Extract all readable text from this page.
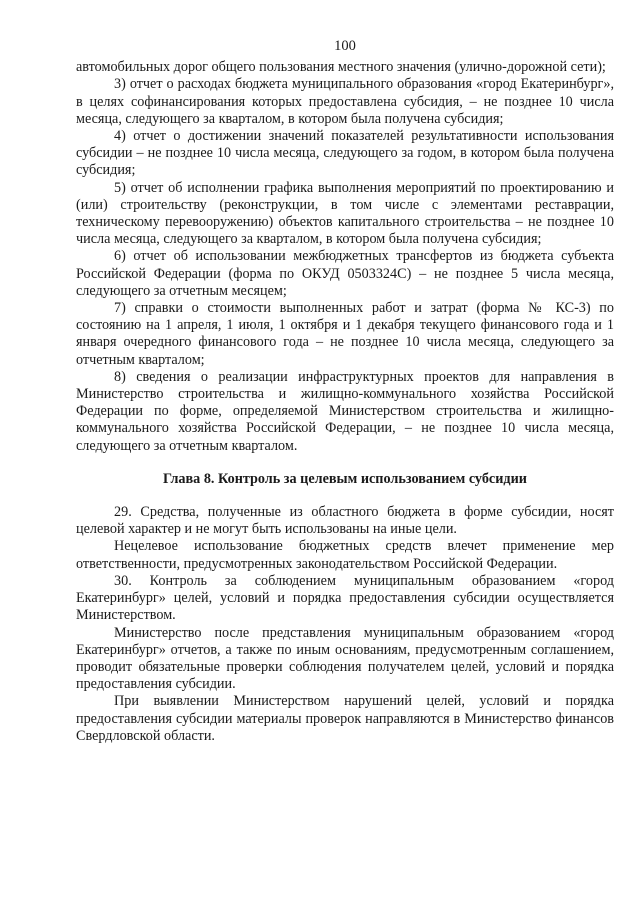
100

автомобильных дорог общего пользования местного значения (улично-дорожной сети);

3) отчет о расходах бюджета муниципального образования «город Екатеринбург», в целях софинансирования которых предоставлена субсидия, – не позднее 10 числа месяца, следующего за кварталом, в котором была получена субсидия;

4) отчет о достижении значений показателей результативности использования субсидии – не позднее 10 числа месяца, следующего за годом, в котором была получена субсидия;

5) отчет об исполнении графика выполнения мероприятий по проектированию и (или) строительству (реконструкции, в том числе с элементами реставрации, техническому перевооружению) объектов капитального строительства – не позднее 10 числа месяца, следующего за кварталом, в котором была получена субсидия;

6) отчет об использовании межбюджетных трансфертов из бюджета субъекта Российской Федерации (форма по ОКУД 0503324С) – не позднее 5 числа месяца, следующего за отчетным месяцем;

7) справки о стоимости выполненных работ и затрат (форма № КС-3) по состоянию на 1 апреля, 1 июля, 1 октября и 1 декабря текущего финансового года и 1 января очередного финансового года – не позднее 10 числа месяца, следующего за отчетным кварталом;

8) сведения о реализации инфраструктурных проектов для направления в Министерство строительства и жилищно-коммунального хозяйства Российской Федерации по форме, определяемой Министерством строительства и жилищно-коммунального хозяйства Российской Федерации, – не позднее 10 числа месяца, следующего за отчетным кварталом.

Глава 8. Контроль за целевым использованием субсидии

29. Средства, полученные из областного бюджета в форме субсидии, носят целевой характер и не могут быть использованы на иные цели.

Нецелевое использование бюджетных средств влечет применение мер ответственности, предусмотренных законодательством Российской Федерации.

30. Контроль за соблюдением муниципальным образованием «город Екатеринбург» целей, условий и порядка предоставления субсидии осуществляется Министерством.

Министерство после представления муниципальным образованием «город Екатеринбург» отчетов, а также по иным основаниям, предусмотренным соглашением, проводит обязательные проверки соблюдения получателем целей, условий и порядка предоставления субсидии.

При выявлении Министерством нарушений целей, условий и порядка предоставления субсидии материалы проверок направляются в Министерство финансов Свердловской области.
